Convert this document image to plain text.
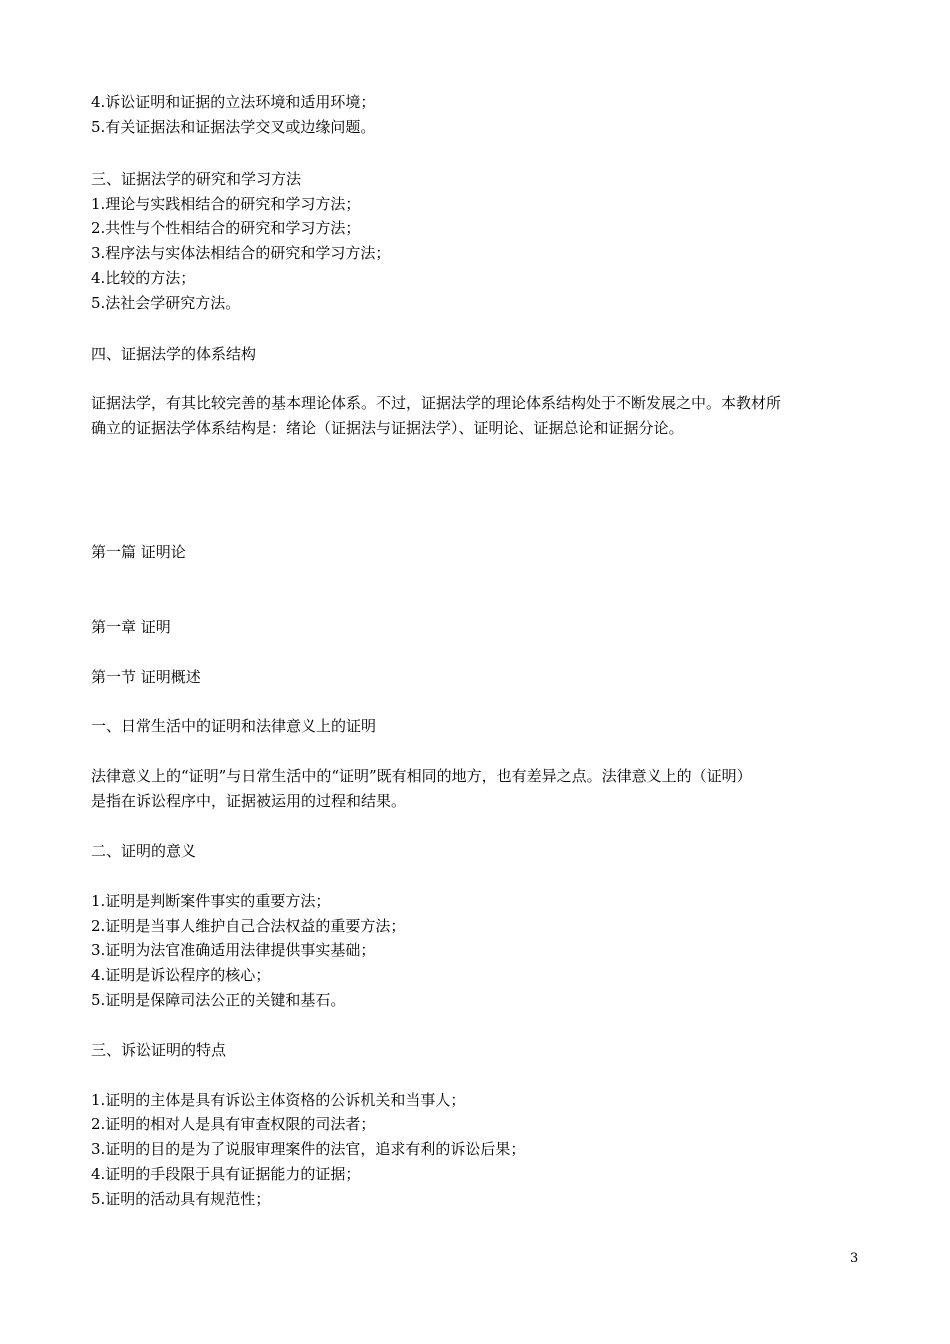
4.诉讼证明和证据的立法环境和适用环境；

5.有关证据法和证据法学交叉或边缘问题。

三、证据法学的研究和学习方法

1.理论与实践相结合的研究和学习方法；

2.共性与个性相结合的研究和学习方法；

3.程序法与实体法相结合的研究和学习方法；

4.比较的方法；

5.法社会学研究方法。

四、证据法学的体系结构

证据法学，有其比较完善的基本理论体系。不过，证据法学的理论体系结构处于不断发展之中。本教材所

确立的证据法学体系结构是：绪论（证据法与证据法学）、证明论、证据总论和证据分论。

第一篇 证明论

第一章 证明

第一节 证明概述

一、日常生活中的证明和法律意义上的证明

法律意义上的“证明”与日常生活中的“证明”既有相同的地方，也有差异之点。法律意义上的（证明）

是指在诉讼程序中，证据被运用的过程和结果。

二、证明的意义

1.证明是判断案件事实的重要方法；

2.证明是当事人维护自己合法权益的重要方法；

3.证明为法官准确适用法律提供事实基础；

4.证明是诉讼程序的核心；

5.证明是保障司法公正的关键和基石。

三、诉讼证明的特点

1.证明的主体是具有诉讼主体资格的公诉机关和当事人；

2.证明的相对人是具有审查权限的司法者；

3.证明的目的是为了说服审理案件的法官，追求有利的诉讼后果；

4.证明的手段限于具有证据能力的证据；

5.证明的活动具有规范性；

3
